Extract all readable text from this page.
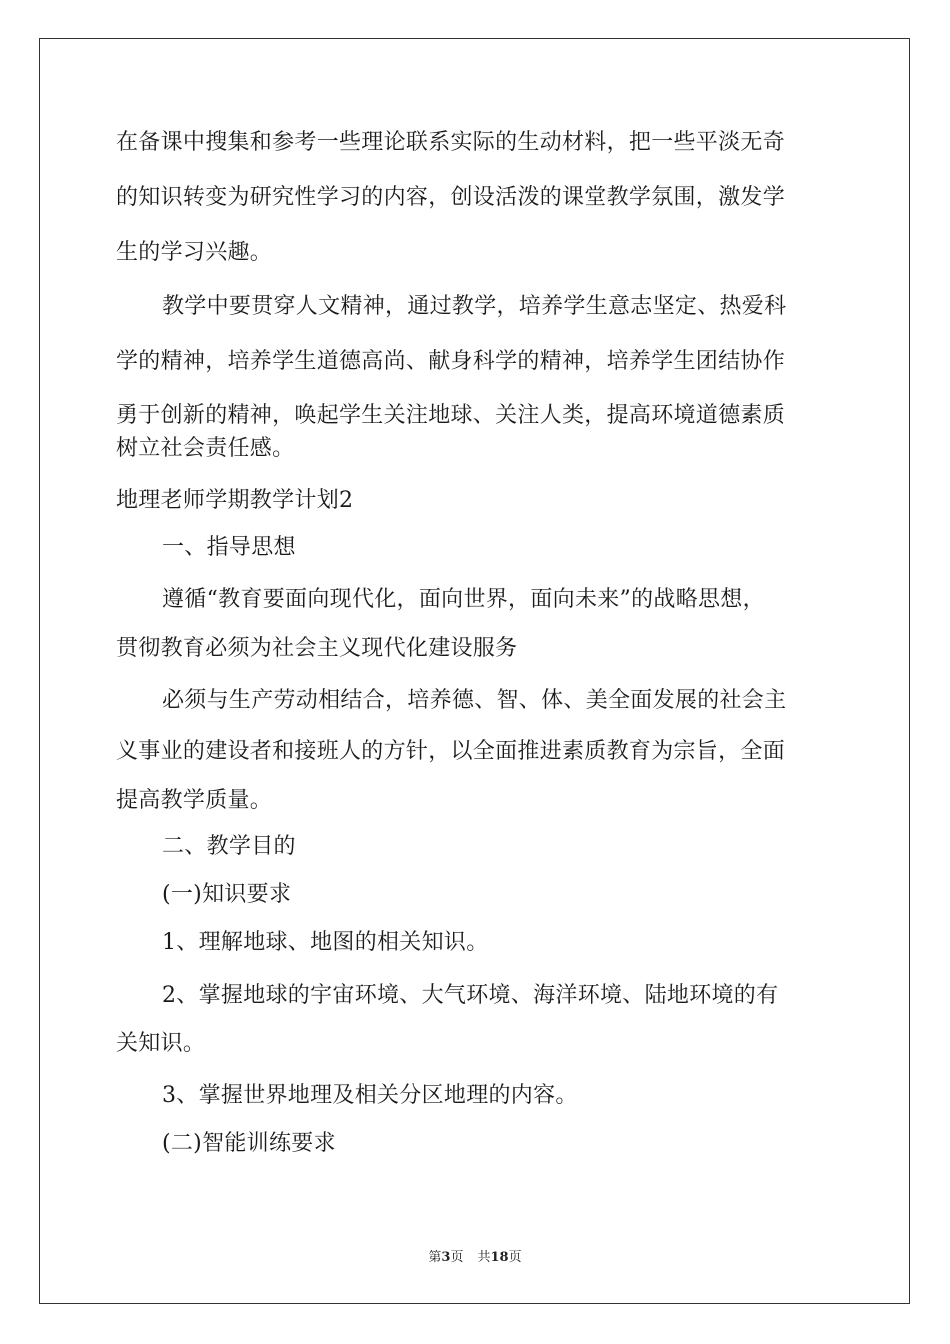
在备课中搜集和参考一些理论联系实际的生动材料，把一些平淡无奇
的知识转变为研究性学习的内容，创设活泼的课堂教学氛围，激发学
生的学习兴趣。
教学中要贯穿人文精神，通过教学，培养学生意志坚定、热爱科
学的精神，培养学生道德高尚、献身科学的精神，培养学生团结协作
勇于创新的精神，唤起学生关注地球、关注人类，提高环境道德素质
树立社会责任感。
地理老师学期教学计划2
一、指导思想
遵循“教育要面向现代化，面向世界，面向未来”的战略思想，
贯彻教育必须为社会主义现代化建设服务
必须与生产劳动相结合，培养德、智、体、美全面发展的社会主
义事业的建设者和接班人的方针，以全面推进素质教育为宗旨，全面
提高教学质量。
二、教学目的
(一)知识要求
1、理解地球、地图的相关知识。
2、掌握地球的宇宙环境、大气环境、海洋环境、陆地环境的有
关知识。
3、掌握世界地理及相关分区地理的内容。
(二)智能训练要求
第3页 共18页
